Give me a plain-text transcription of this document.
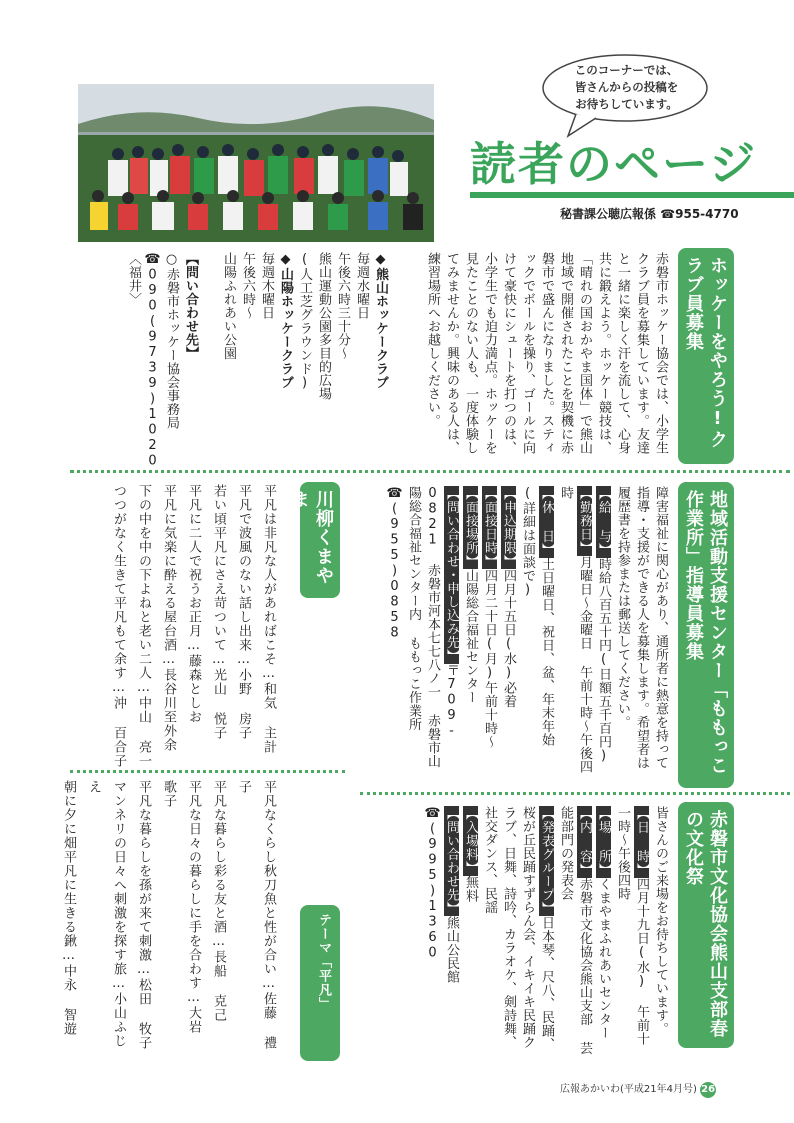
このコーナーでは、
皆さんからの投稿を
お待ちしています。
読者のページ
秘書課公聴広報係 ☎955-4770
ホッケーをやろう!クラブ員募集
赤磐市ホッケー協会では、小学生クラブ員を募集しています。友達と一緒に楽しく汗を流して、心身共に鍛えよう。ホッケー競技は、「晴れの国おかやま国体」で熊山地域で開催されたことを契機に赤磐市で盛んになりました。スティックでボールを操り、ゴールに向けて豪快にシュートを打つのは、小学生でも迫力満点。ホッケーを見たことのない人も、一度体験してみませんか。興味のある人は、練習場所へお越しください。
◆熊山ホッケークラブ
毎週水曜日
午後六時三十分～
熊山運動公園多目的広場
(人工芝グラウンド)
◆山陽ホッケークラブ
毎週木曜日
午後六時～
山陽ふれあい公園

【問い合わせ先】
○赤磐市ホッケー協会事務局
☎090(9739)1020
〈福井〉
地域活動支援センター「ももっこ作業所」指導員募集
障害福祉に関心があり、通所者に熱意を持って指導・支援ができる人を募集します。希望者は履歴書を持参または郵送してください。
【給 与】時給八百五十円(日額五千百円)
【勤務日】月曜日～金曜日 午前十時～午後四時
【休 日】土日曜日、祝日、盆、年末年始 (詳細は面談で)
【申込期限】四月十五日(水)必着
【面接日時】四月二十日(月)午前十時～
【面接場所】山陽総合福祉センター
【問い合わせ・申し込み先】〒709-0821 赤磐市河本七七八ノ一 赤磐市山陽総合福祉センター内 ももっこ作業所 ☎(955)0858
川柳くまやま
テーマ「平凡」
平凡は非凡な人があればこそ…和気 主計
平凡で波風のない話し出来…小野 房子
若い頃平凡にさえ苛ついて…光山 悦子
平凡に二人で祝うお正月…藤森としお
平凡に気楽に酔える屋台酒…長谷川至外余
下の中を中の下よねと老い二人…中山 亮一
つつがなく生きて平凡もて余す…沖 百合子
平凡なくらし秋刀魚と性が合い…佐藤 禮子
平凡な暮らし彩る友と酒…長船 克己
平凡な日々の暮らしに手を合わす…大岩 歌子
平凡な暮らしを孫が来て刺激…松田 牧子
マンネリの日々へ刺激を探す旅…小山ふじえ
朝に夕に畑平凡に生きる鍬…中永 智遊	赤磐市文化協会熊山支部春の文化祭
皆さんのご来場をお待ちしています。
【日 時】四月十九日(水) 午前十一時～午後四時
【場 所】くまやまふれあいセンター
【内 容】赤磐市文化協会熊山支部 芸能部門の発表会
【発表グループ】日本琴、尺八、民踊、桜が丘民踊すずらん会、イキイキ民踊クラブ、日舞、詩吟、カラオケ、剣詩舞、社交ダンス、民謡
【入場料】無料
【問い合わせ先】熊山公民館 ☎(995)1360
広報あかいわ(平成21年4月号) 26
